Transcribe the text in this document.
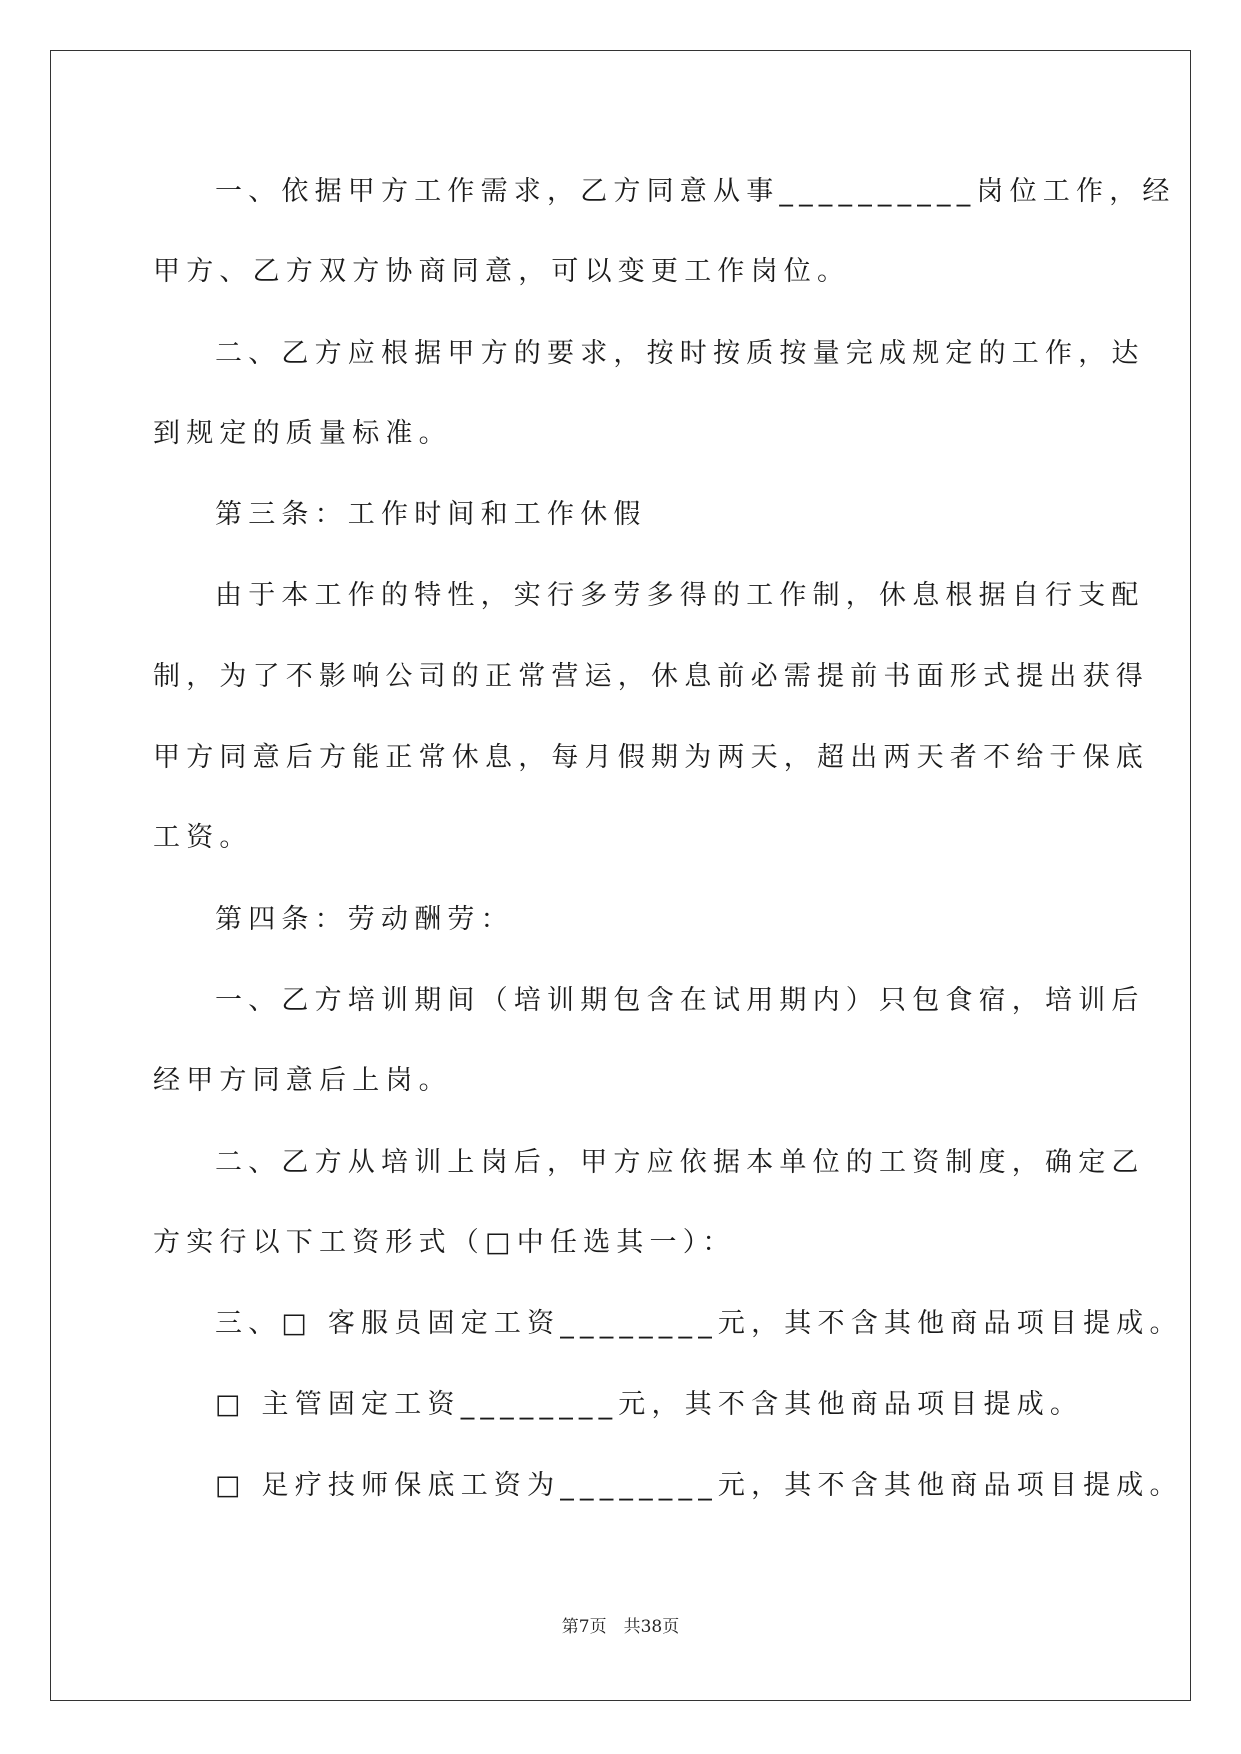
一、依据甲方工作需求，乙方同意从事__________岗位工作，经
甲方、乙方双方协商同意，可以变更工作岗位。
二、乙方应根据甲方的要求，按时按质按量完成规定的工作，达
到规定的质量标准。
第三条：工作时间和工作休假
由于本工作的特性，实行多劳多得的工作制，休息根据自行支配
制，为了不影响公司的正常营运，休息前必需提前书面形式提出获得
甲方同意后方能正常休息，每月假期为两天，超出两天者不给于保底
工资。
第四条：劳动酬劳：
一、乙方培训期间（培训期包含在试用期内）只包食宿，培训后
经甲方同意后上岗。
二、乙方从培训上岗后，甲方应依据本单位的工资制度，确定乙
方实行以下工资形式（□中任选其一）：
三、□ 客服员固定工资________元，其不含其他商品项目提成。
□ 主管固定工资________元，其不含其他商品项目提成。
□ 足疗技师保底工资为________元，其不含其他商品项目提成。
第7页　共38页
